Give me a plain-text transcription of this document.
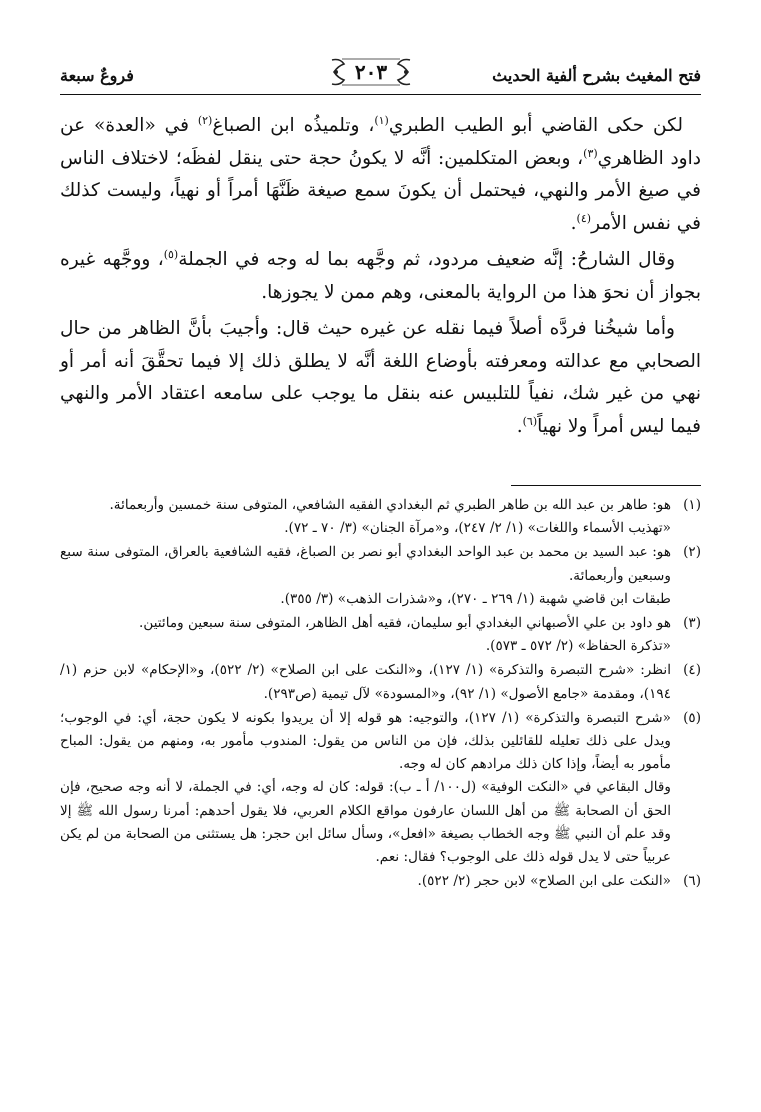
فتح المغيث بشرح ألفية الحديث
٢٠٣
فروعٌ سبعة

لكن حكى القاضي أبو الطيب الطبري$^{(١)}$، وتلميذُه ابن الصباغ$^{(٢)}$ في «العدة» عن داود الظاهري$^{(٣)}$، وبعض المتكلمين: أنَّه لا يكونُ حجة حتى ينقل لفظَه؛ لاختلاف الناس في صيغ الأمر والنهي، فيحتمل أن يكونَ سمع صيغة ظَنَّهَا أمراً أو نهياً، وليست كذلك في نفس الأمر$^{(٤)}$.

وقال الشارحُ: إنَّه ضعيف مردود، ثم وجَّهه بما له وجه في الجملة$^{(٥)}$، ووجَّهه غيره بجواز أن نحوَ هذا من الرواية بالمعنى، وهم ممن لا يجوزها.

وأما شيخُنا فردَّه أصلاً فيما نقله عن غيره حيث قال: وأجيبَ بأنَّ الظاهر من حال الصحابي مع عدالته ومعرفته بأوضاع اللغة أنَّه لا يطلق ذلك إلا فيما تحقَّقَ أنه أمر أو نهي من غير شك، نفياً للتلبيس عنه بنقل ما يوجب على سامعه اعتقاد الأمر والنهي فيما ليس أمراً ولا نهياً$^{(٦)}$.

(١)
هو: طاهر بن عبد الله بن طاهر الطبري ثم البغدادي الفقيه الشافعي، المتوفى سنة خمسين وأربعمائة.
«تهذيب الأسماء واللغات» (١/ ٢/ ٢٤٧)، و«مرآة الجنان» (٣/ ٧٠ ـ ٧٢).
(٢)
هو: عبد السيد بن محمد بن عبد الواحد البغدادي أبو نصر بن الصباغ، فقيه الشافعية بالعراق، المتوفى سنة سبع وسبعين وأربعمائة.
طبقات ابن قاضي شهبة (١/ ٢٦٩ ـ ٢٧٠)، و«شذرات الذهب» (٣/ ٣٥٥).
(٣)
هو داود بن علي الأصبهاني البغدادي أبو سليمان، فقيه أهل الظاهر، المتوفى سنة سبعين ومائتين.
«تذكرة الحفاظ» (٢/ ٥٧٢ ـ ٥٧٣).
(٤)
انظر: «شرح التبصرة والتذكرة» (١/ ١٢٧)، و«النكت على ابن الصلاح» (٢/ ٥٢٢)، و«الإحكام» لابن حزم (١/ ١٩٤)، ومقدمة «جامع الأصول» (١/ ٩٢)، و«المسودة» لآل تيمية (ص٢٩٣).
(٥)
«شرح التبصرة والتذكرة» (١/ ١٢٧)، والتوجيه: هو قوله إلا أن يريدوا بكونه لا يكون حجة، أي: في الوجوب؛ ويدل على ذلك تعليله للقائلين بذلك، فإن من الناس من يقول: المندوب مأمور به، ومنهم من يقول: المباح مأمور به أيضاً، وإذا كان ذلك مرادهم كان له وجه.
وقال البقاعي في «النكت الوفية» (ل١٠٠/ أ ـ ب): قوله: كان له وجه، أي: في الجملة، لا أنه وجه صحيح، فإن الحق أن الصحابة ﷺ من أهل اللسان عارفون مواقع الكلام العربي، فلا يقول أحدهم: أمرنا رسول الله ﷺ إلا وقد علم أن النبي ﷺ وجه الخطاب بصيغة «افعل»، وسأل سائل ابن حجر: هل يستثنى من الصحابة من لم يكن عربياً حتى لا يدل قوله ذلك على الوجوب؟ فقال: نعم.
(٦)
«النكت على ابن الصلاح» لابن حجر (٢/ ٥٢٢).
